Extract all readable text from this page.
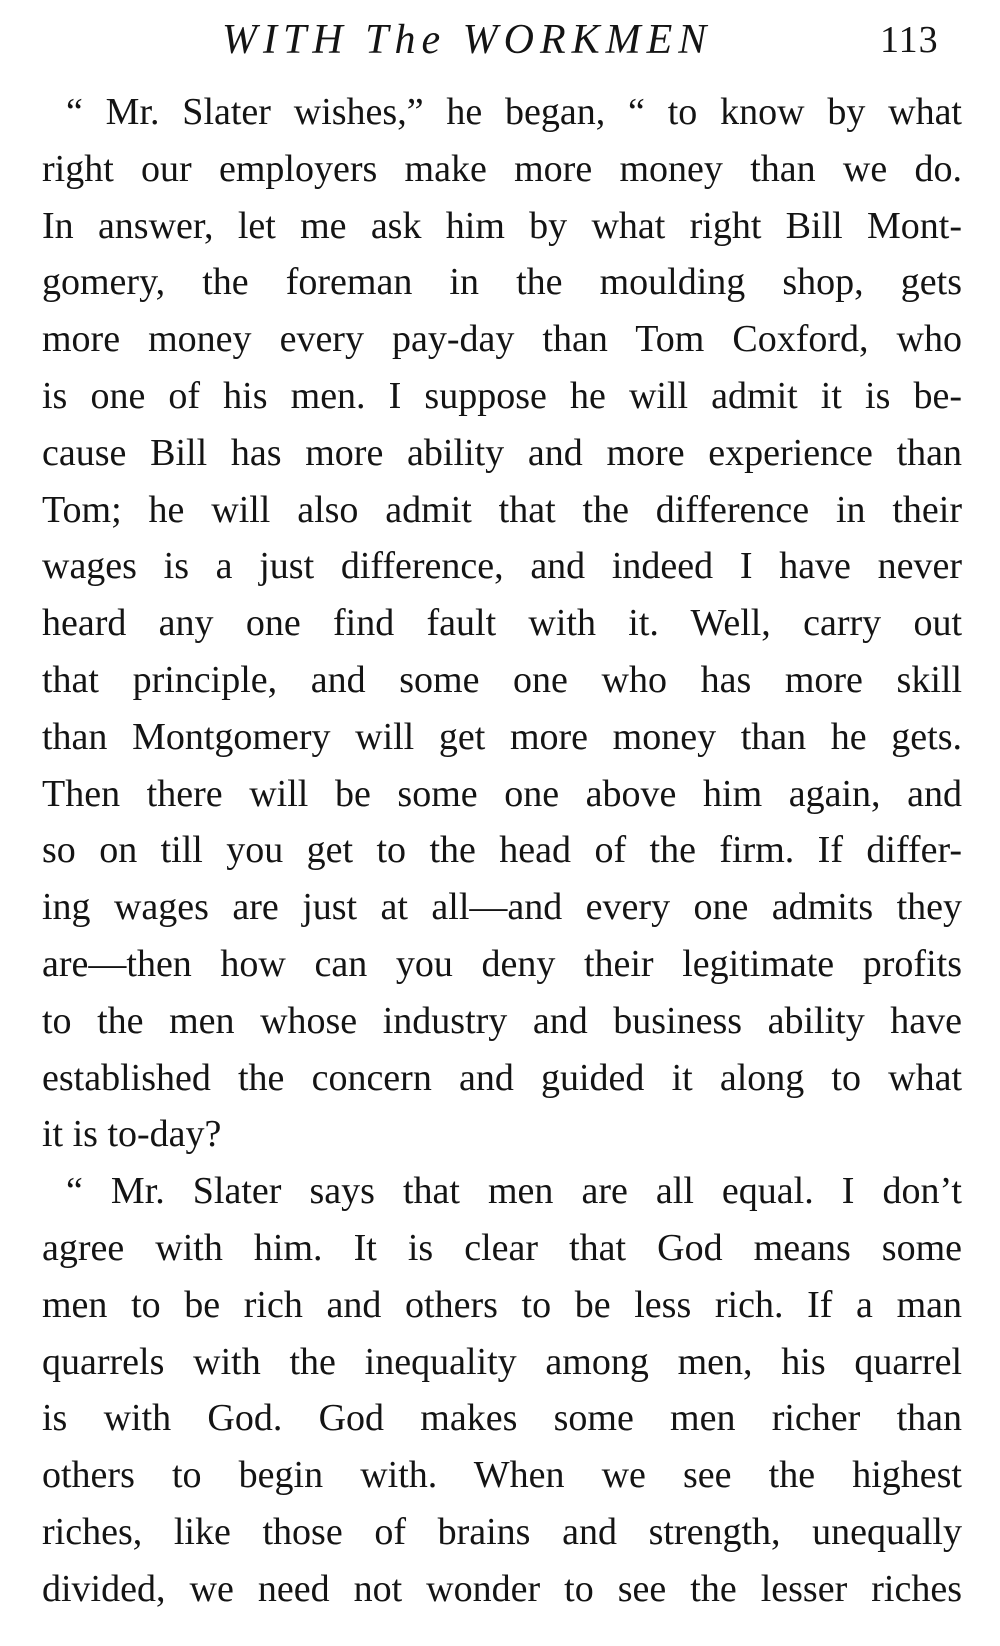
WITH The WORKMEN	113
“ Mr. Slater wishes,” he began, “ to know by what
right our employers make more money than we do.
In answer, let me ask him by what right Bill Mont-
gomery, the foreman in the moulding shop, gets
more money every pay-day than Tom Coxford, who
is one of his men. I suppose he will admit it is be-
cause Bill has more ability and more experience than
Tom; he will also admit that the difference in their
wages is a just difference, and indeed I have never
heard any one find fault with it. Well, carry out
that principle, and some one who has more skill
than Montgomery will get more money than he gets.
Then there will be some one above him again, and
so on till you get to the head of the firm. If differ-
ing wages are just at all—and every one admits they
are—then how can you deny their legitimate profits
to the men whose industry and business ability have
established the concern and guided it along to what
it is to-day?
“ Mr. Slater says that men are all equal. I don’t
agree with him. It is clear that God means some
men to be rich and others to be less rich. If a man
quarrels with the inequality among men, his quarrel
is with God. God makes some men richer than
others to begin with. When we see the highest
riches, like those of brains and strength, unequally
divided, we need not wonder to see the lesser riches
